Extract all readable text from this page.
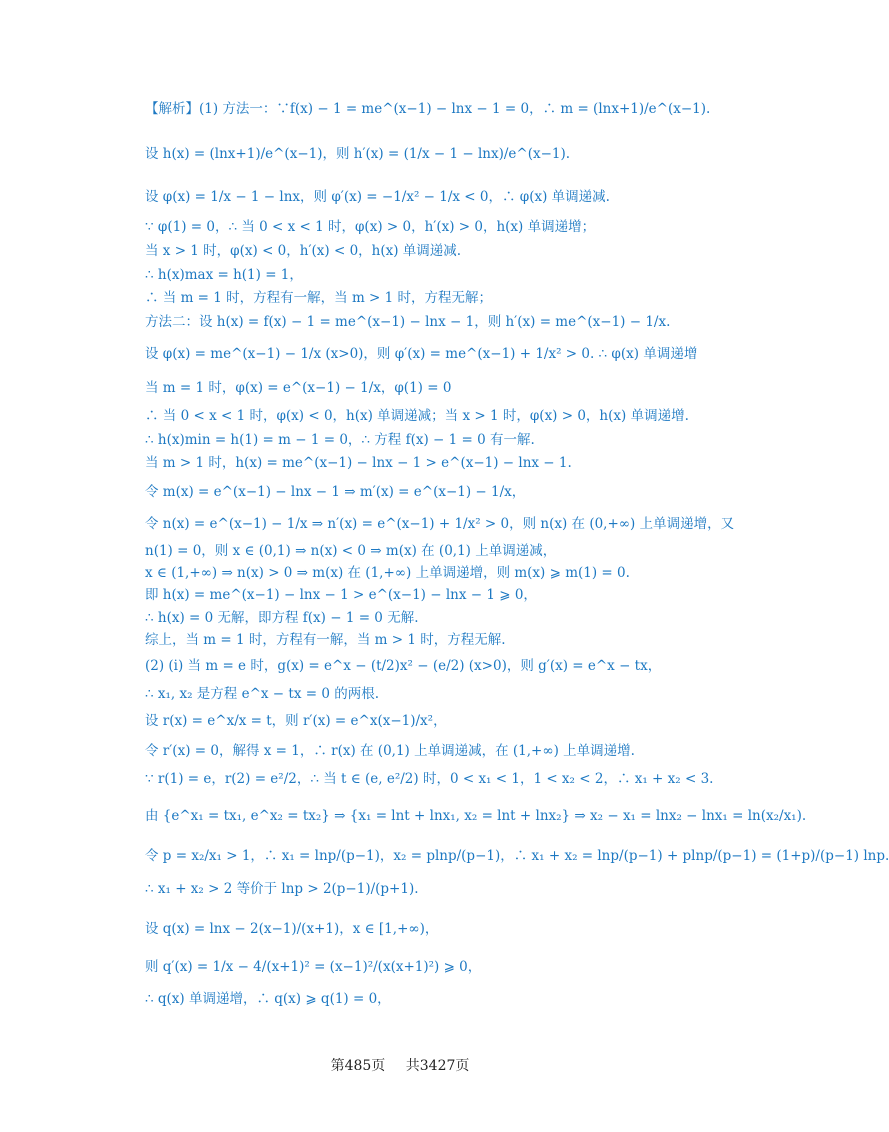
【解析】(1) 方法一：∵f(x) − 1 = me^(x−1) − lnx − 1 = 0，∴ m = (lnx+1)/e^(x−1).
设 h(x) = (lnx+1)/e^(x−1)，则 h′(x) = (1/x − 1 − lnx)/e^(x−1).
设 φ(x) = 1/x − 1 − lnx，则 φ′(x) = −1/x² − 1/x < 0，∴ φ(x) 单调递减.
∵ φ(1) = 0，∴ 当 0 < x < 1 时，φ(x) > 0，h′(x) > 0，h(x) 单调递增；
当 x > 1 时，φ(x) < 0，h′(x) < 0，h(x) 单调递减.
∴ h(x)max = h(1) = 1，
∴ 当 m = 1 时，方程有一解，当 m > 1 时，方程无解；
方法二：设 h(x) = f(x) − 1 = me^(x−1) − lnx − 1，则 h′(x) = me^(x−1) − 1/x.
设 φ(x) = me^(x−1) − 1/x (x>0)，则 φ′(x) = me^(x−1) + 1/x² > 0. ∴ φ(x) 单调递增
当 m = 1 时，φ(x) = e^(x−1) − 1/x，φ(1) = 0
∴ 当 0 < x < 1 时，φ(x) < 0，h(x) 单调递减；当 x > 1 时，φ(x) > 0，h(x) 单调递增.
∴ h(x)min = h(1) = m − 1 = 0，∴ 方程 f(x) − 1 = 0 有一解.
当 m > 1 时，h(x) = me^(x−1) − lnx − 1 > e^(x−1) − lnx − 1.
令 m(x) = e^(x−1) − lnx − 1 ⇒ m′(x) = e^(x−1) − 1/x，
令 n(x) = e^(x−1) − 1/x ⇒ n′(x) = e^(x−1) + 1/x² > 0，则 n(x) 在 (0,+∞) 上单调递增，又
n(1) = 0，则 x ∈ (0,1) ⇒ n(x) < 0 ⇒ m(x) 在 (0,1) 上单调递减，
x ∈ (1,+∞) ⇒ n(x) > 0 ⇒ m(x) 在 (1,+∞) 上单调递增，则 m(x) ⩾ m(1) = 0.
即 h(x) = me^(x−1) − lnx − 1 > e^(x−1) − lnx − 1 ⩾ 0，
∴ h(x) = 0 无解，即方程 f(x) − 1 = 0 无解.
综上，当 m = 1 时，方程有一解，当 m > 1 时，方程无解.
(2) (i) 当 m = e 时，g(x) = e^x − (t/2)x² − (e/2) (x>0)，则 g′(x) = e^x − tx，
∴ x₁, x₂ 是方程 e^x − tx = 0 的两根.
设 r(x) = e^x/x = t，则 r′(x) = e^x(x−1)/x²，
令 r′(x) = 0，解得 x = 1，∴ r(x) 在 (0,1) 上单调递减，在 (1,+∞) 上单调递增.
∵ r(1) = e，r(2) = e²/2，∴ 当 t ∈ (e, e²/2) 时，0 < x₁ < 1，1 < x₂ < 2，∴ x₁ + x₂ < 3.
由 {e^x₁ = tx₁, e^x₂ = tx₂} ⇒ {x₁ = lnt + lnx₁, x₂ = lnt + lnx₂} ⇒ x₂ − x₁ = lnx₂ − lnx₁ = ln(x₂/x₁).
令 p = x₂/x₁ > 1，∴ x₁ = lnp/(p−1)，x₂ = plnp/(p−1)，∴ x₁ + x₂ = lnp/(p−1) + plnp/(p−1) = (1+p)/(p−1) lnp.
∴ x₁ + x₂ > 2 等价于 lnp > 2(p−1)/(p+1).
设 q(x) = lnx − 2(x−1)/(x+1)，x ∈ [1,+∞)，
则 q′(x) = 1/x − 4/(x+1)² = (x−1)²/(x(x+1)²) ⩾ 0，
∴ q(x) 单调递增，∴ q(x) ⩾ q(1) = 0，
第485页 共3427页
